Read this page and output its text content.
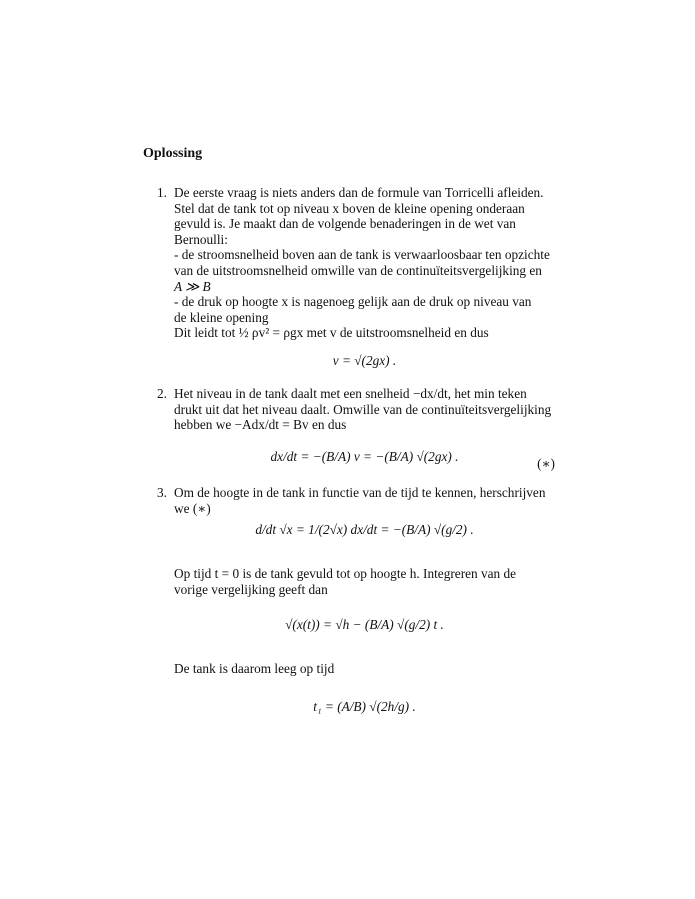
Oplossing
1. De eerste vraag is niets anders dan de formule van Torricelli afleiden.
Stel dat de tank tot op niveau x boven de kleine opening onderaan
gevuld is. Je maakt dan de volgende benaderingen in de wet van
Bernoulli:
- de stroomsnelheid boven aan de tank is verwaarloosbaar ten opzichte
van de uitstroomsnelheid omwille van de continuïteitsvergelijking en
A ≫ B
- de druk op hoogte x is nagenoeg gelijk aan de druk op niveau van
de kleine opening
Dit leidt tot ½ ρv² = ρgx met v de uitstroomsnelheid en dus
v = √(2gx) .
2. Het niveau in de tank daalt met een snelheid −dx/dt, het min teken
drukt uit dat het niveau daalt. Omwille van de continuïteitsvergelijking
hebben we −Adx/dt = Bv en dus
dx/dt = −(B/A) v = −(B/A) √(2gx) .	(∗)
3. Om de hoogte in de tank in functie van de tijd te kennen, herschrijven
we (∗)
d/dt √x = 1/(2√x) dx/dt = −(B/A) √(g/2) .
Op tijd t = 0 is de tank gevuld tot op hoogte h. Integreren van de
vorige vergelijking geeft dan
√(x(t)) = √h − (B/A) √(g/2) t .
De tank is daarom leeg op tijd
t₁ = (A/B) √(2h/g) .
